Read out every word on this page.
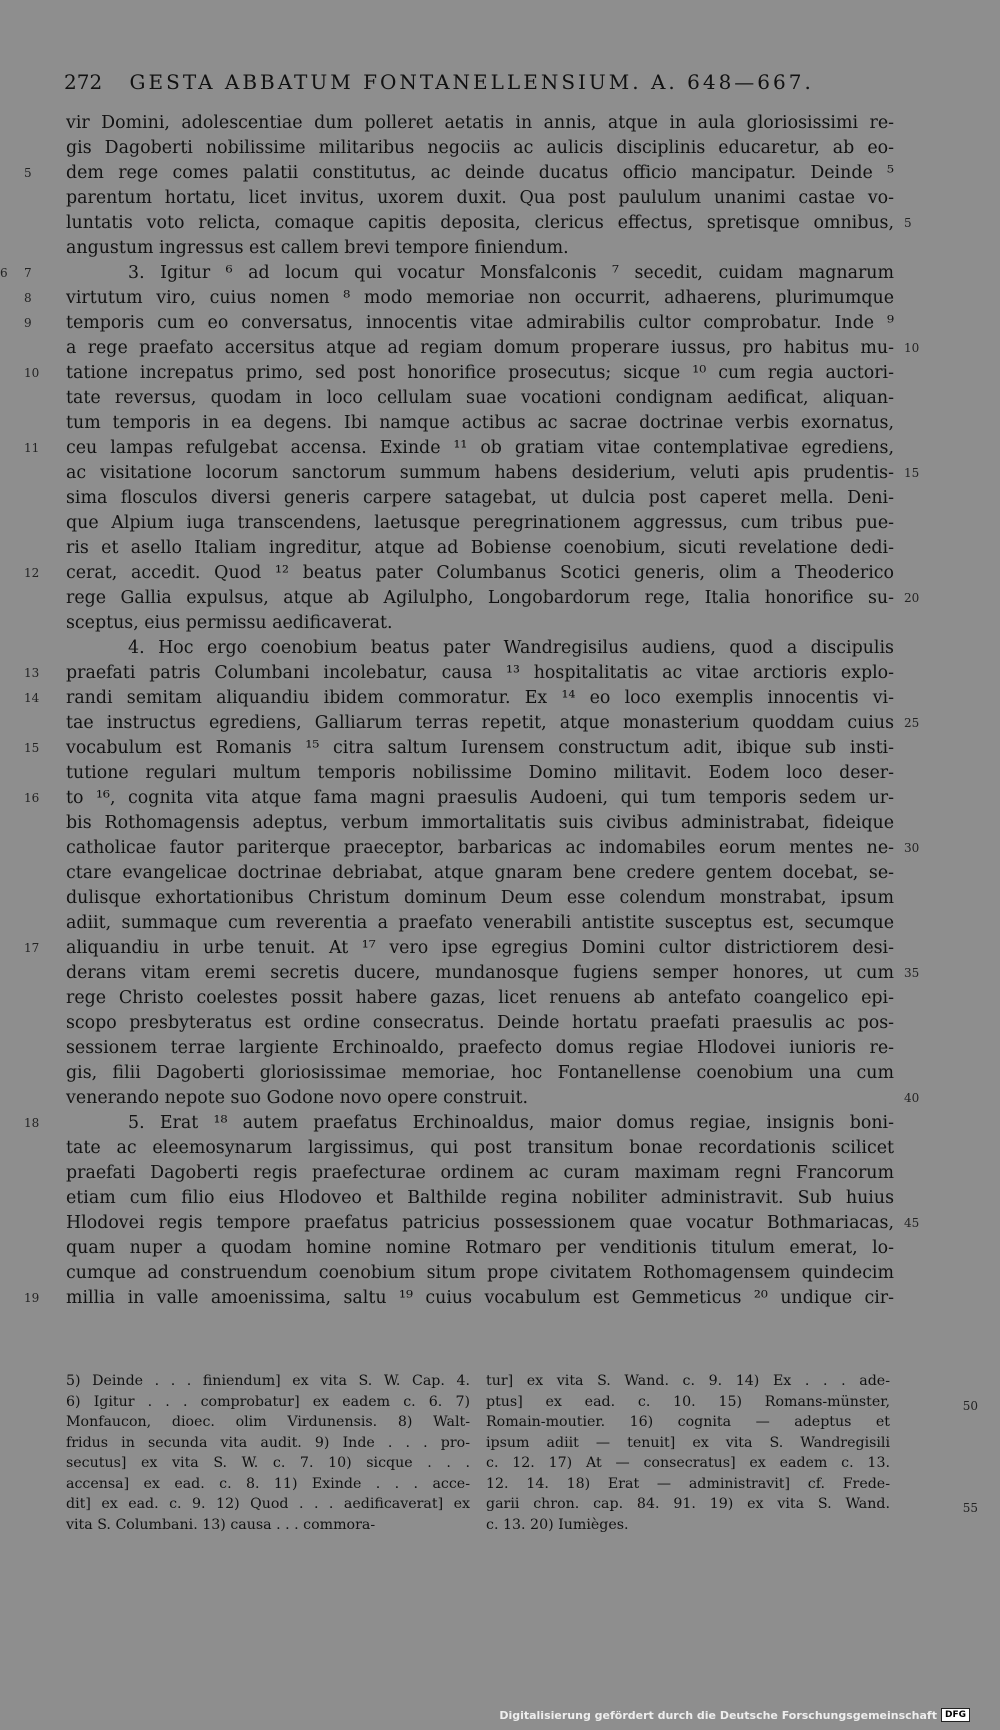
272 GESTA ABBATUM FONTANELLENSIUM. A. 648—667.
vir Domini, adolescentiae dum polleret aetatis in annis, atque in aula gloriosissimi re-
gis Dagoberti nobilissime militaribus negociis ac aulicis disciplinis educaretur, ab eo-
dem rege comes palatii constitutus, ac deinde ducatus officio mancipatur. Deinde ⁵
5
parentum hortatu, licet invitus, uxorem duxit. Qua post paululum unanimi castae vo-
luntatis voto relicta, comaque capitis deposita, clericus effectus, spretisque omnibus, 5
angustum ingressus est callem brevi tempore finiendum.
3. Igitur ⁶ ad locum qui vocatur Monsfalconis ⁷ secedit, cuidam magnarum
7
6
virtutum viro, cuius nomen ⁸ modo memoriae non occurrit, adhaerens, plurimumque
8
temporis cum eo conversatus, innocentis vitae admirabilis cultor comprobatur. Inde ⁹
9
a rege praefato accersitus atque ad regiam domum properare iussus, pro habitus mu- 10
tatione increpatus primo, sed post honorifice prosecutus; sicque ¹⁰ cum regia auctori-
10
tate reversus, quodam in loco cellulam suae vocationi condignam aedificat, aliquan-
tum temporis in ea degens. Ibi namque actibus ac sacrae doctrinae verbis exornatus,
ceu lampas refulgebat accensa. Exinde ¹¹ ob gratiam vitae contemplativae egrediens,
11
ac visitatione locorum sanctorum summum habens desiderium, veluti apis prudentis- 15
sima flosculos diversi generis carpere satagebat, ut dulcia post caperet mella. Deni-
que Alpium iuga transcendens, laetusque peregrinationem aggressus, cum tribus pue-
ris et asello Italiam ingreditur, atque ad Bobiense coenobium, sicuti revelatione dedi-
cerat, accedit. Quod ¹² beatus pater Columbanus Scotici generis, olim a Theoderico
12
rege Gallia expulsus, atque ab Agilulpho, Longobardorum rege, Italia honorifice su- 20
sceptus, eius permissu aedificaverat.
4. Hoc ergo coenobium beatus pater Wandregisilus audiens, quod a discipulis
praefati patris Columbani incolebatur, causa ¹³ hospitalitatis ac vitae arctioris explo-
13
randi semitam aliquandiu ibidem commoratur. Ex ¹⁴ eo loco exemplis innocentis vi-
14
tae instructus egrediens, Galliarum terras repetit, atque monasterium quoddam cuius 25
vocabulum est Romanis ¹⁵ citra saltum Iurensem constructum adit, ibique sub insti-
15
tutione regulari multum temporis nobilissime Domino militavit. Eodem loco deser-
to ¹⁶, cognita vita atque fama magni praesulis Audoeni, qui tum temporis sedem ur-
16
bis Rothomagensis adeptus, verbum immortalitatis suis civibus administrabat, fideique
catholicae fautor pariterque praeceptor, barbaricas ac indomabiles eorum mentes ne- 30
ctare evangelicae doctrinae debriabat, atque gnaram bene credere gentem docebat, se-
dulisque exhortationibus Christum dominum Deum esse colendum monstrabat, ipsum
adiit, summaque cum reverentia a praefato venerabili antistite susceptus est, secumque
aliquandiu in urbe tenuit. At ¹⁷ vero ipse egregius Domini cultor districtiorem desi-
17
derans vitam eremi secretis ducere, mundanosque fugiens semper honores, ut cum 35
rege Christo coelestes possit habere gazas, licet renuens ab antefato coangelico epi-
scopo presbyteratus est ordine consecratus. Deinde hortatu praefati praesulis ac pos-
sessionem terrae largiente Erchinoaldo, praefecto domus regiae Hlodovei iunioris re-
gis, filii Dagoberti gloriosissimae memoriae, hoc Fontanellense coenobium una cum
venerando nepote suo Godone novo opere construit.	40
5. Erat ¹⁸ autem praefatus Erchinoaldus, maior domus regiae, insignis boni-
18
tate ac eleemosynarum largissimus, qui post transitum bonae recordationis scilicet
praefati Dagoberti regis praefecturae ordinem ac curam maximam regni Francorum
etiam cum filio eius Hlodoveo et Balthilde regina nobiliter administravit. Sub huius
Hlodovei regis tempore praefatus patricius possessionem quae vocatur Bothmariacas, 45
quam nuper a quodam homine nomine Rotmaro per venditionis titulum emerat, lo-
cumque ad construendum coenobium situm prope civitatem Rothomagensem quindecim
millia in valle amoenissima, saltu ¹⁹ cuius vocabulum est Gemmeticus ²⁰ undique cir-
19
5) Deinde . . . finiendum] ex vita S. W. Cap. 4.
6) Igitur . . . comprobatur] ex eadem c. 6. 7)
Monfaucon, dioec. olim Virdunensis. 8) Walt-
fridus in secunda vita audit. 9) Inde . . . pro-
secutus] ex vita S. W. c. 7. 10) sicque . . .
accensa] ex ead. c. 8. 11) Exinde . . . acce-
dit] ex ead. c. 9. 12) Quod . . . aedificaverat] ex
vita S. Columbani. 13) causa . . . commora-
tur] ex vita S. Wand. c. 9. 14) Ex . . . ade-
ptus] ex ead. c. 10. 15) Romans-münster,
Romain-moutier. 16) cognita — adeptus et
ipsum adiit — tenuit] ex vita S. Wandregisili
c. 12. 17) At — consecratus] ex eadem c. 13.
12. 14. 18) Erat — administravit] cf. Frede-
garii chron. cap. 84. 91. 19) ex vita S. Wand.
c. 13. 20) Iumièges.
50
55
Digitalisierung gefördert durch die Deutsche Forschungsgemeinschaft DFG
